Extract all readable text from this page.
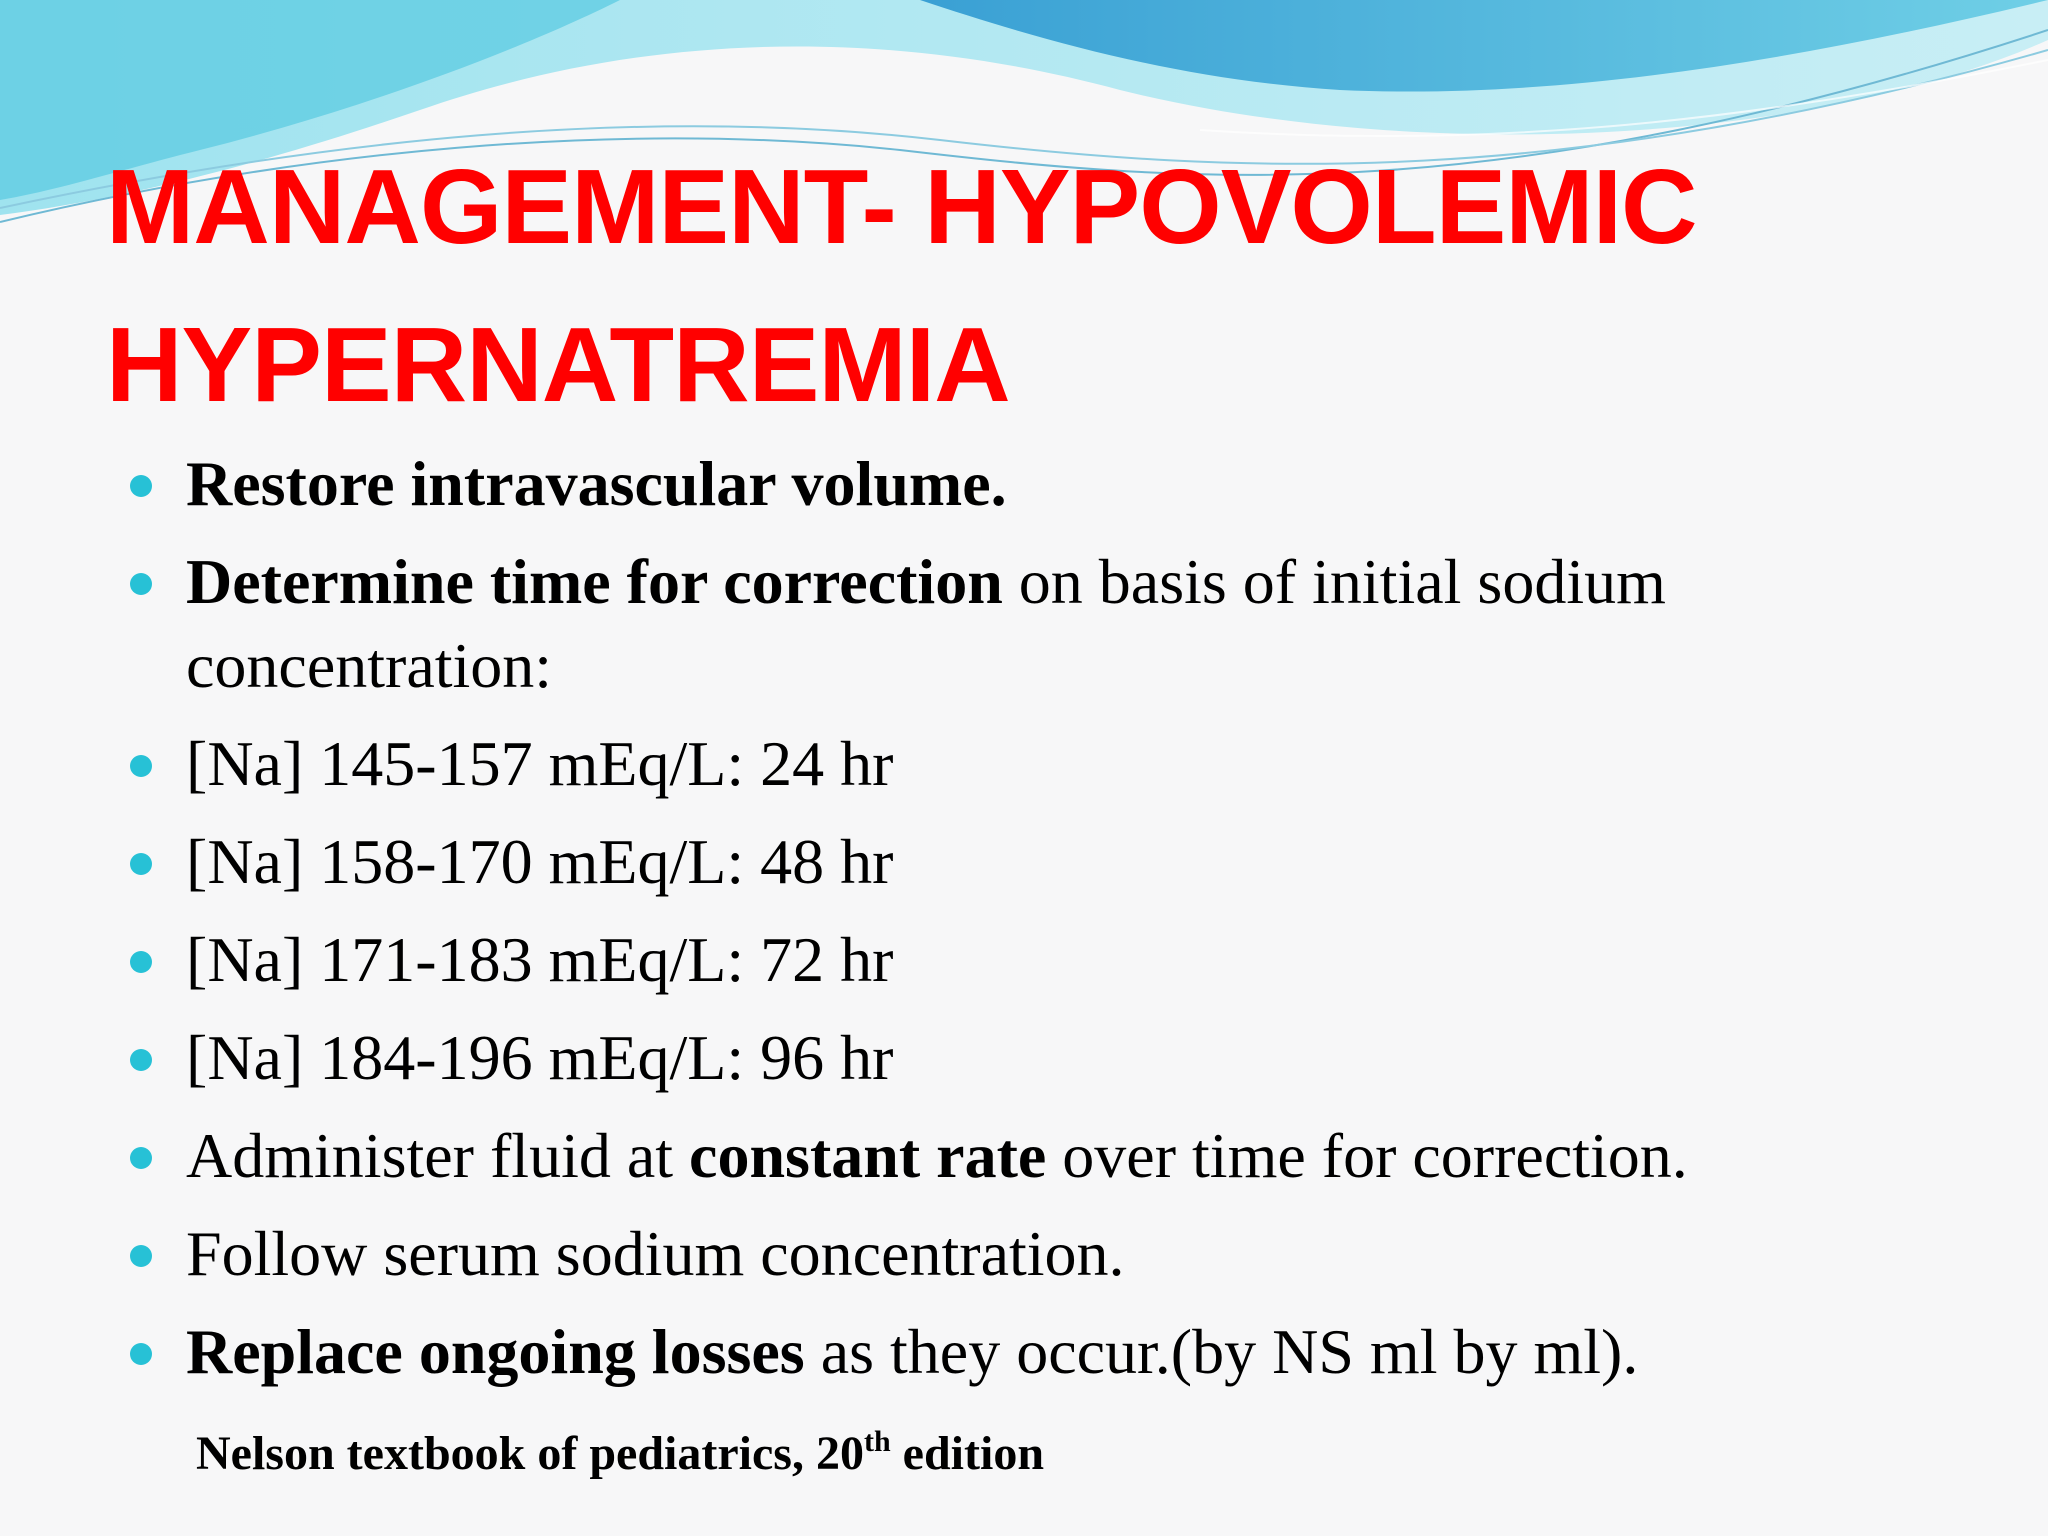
MANAGEMENT- HYPOVOLEMIC
HYPERNATREMIA
Restore intravascular volume.
Determine time for correction on basis of initial sodium concentration:
[Na] 145-157 mEq/L: 24 hr
[Na] 158-170 mEq/L: 48 hr
[Na] 171-183 mEq/L: 72 hr
[Na] 184-196 mEq/L: 96 hr
Administer fluid at constant rate over time for correction.
Follow serum sodium concentration.
Replace ongoing losses as they occur.(by NS ml by ml).
Nelson textbook of pediatrics, 20th edition
